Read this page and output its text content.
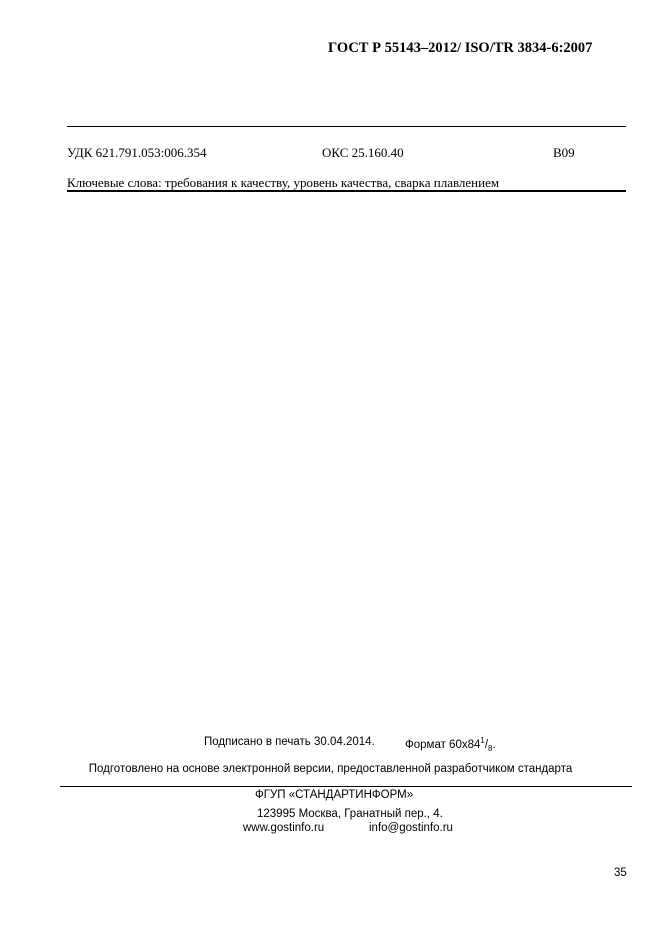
ГОСТ Р 55143–2012/ ISO/TR 3834-6:2007
УДК 621.791.053:006.354	ОКС 25.160.40	В09
Ключевые слова: требования к качеству, уровень качества, сварка плавлением
Подписано в печать 30.04.2014.	Формат $60x84^1/_8$.
Подготовлено на основе электронной версии, предоставленной разработчиком стандарта
ФГУП «СТАНДАРТИНФОРМ»
123995 Москва, Гранатный пер., 4.
www.gostinfo.ru	info@gostinfo.ru
35
